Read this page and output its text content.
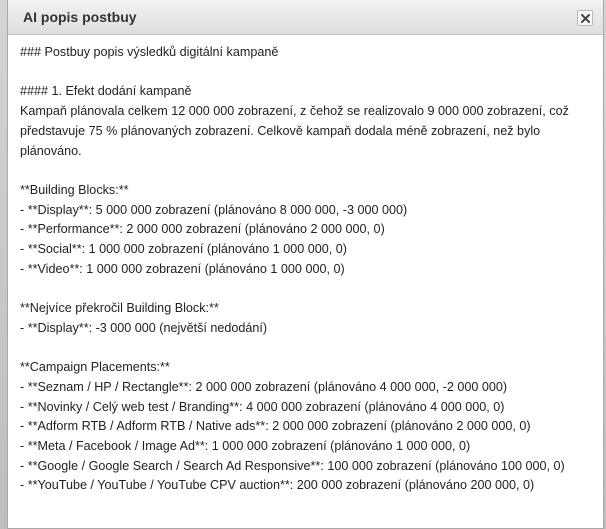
AI popis postbuy
### Postbuy popis výsledků digitální kampaně
#### 1. Efekt dodání kampaně
Kampaň plánovala celkem 12 000 000 zobrazení, z čehož se realizovalo 9 000 000 zobrazení, což představuje 75 % plánovaných zobrazení. Celkově kampaň dodala méně zobrazení, než bylo plánováno.
**Building Blocks:**
- **Display**: 5 000 000 zobrazení (plánováno 8 000 000, -3 000 000)
- **Performance**: 2 000 000 zobrazení (plánováno 2 000 000, 0)
- **Social**: 1 000 000 zobrazení (plánováno 1 000 000, 0)
- **Video**: 1 000 000 zobrazení (plánováno 1 000 000, 0)
**Nejvíce překročil Building Block:**
- **Display**: -3 000 000 (největší nedodání)
**Campaign Placements:**
- **Seznam / HP / Rectangle**: 2 000 000 zobrazení (plánováno 4 000 000, -2 000 000)
- **Novinky / Celý web test / Branding**: 4 000 000 zobrazení (plánováno 4 000 000, 0)
- **Adform RTB / Adform RTB / Native ads**: 2 000 000 zobrazení (plánováno 2 000 000, 0)
- **Meta / Facebook / Image Ad**: 1 000 000 zobrazení (plánováno 1 000 000, 0)
- **Google / Google Search / Search Ad Responsive**: 100 000 zobrazení (plánováno 100 000, 0)
- **YouTube / YouTube / YouTube CPV auction**: 200 000 zobrazení (plánováno 200 000, 0)
